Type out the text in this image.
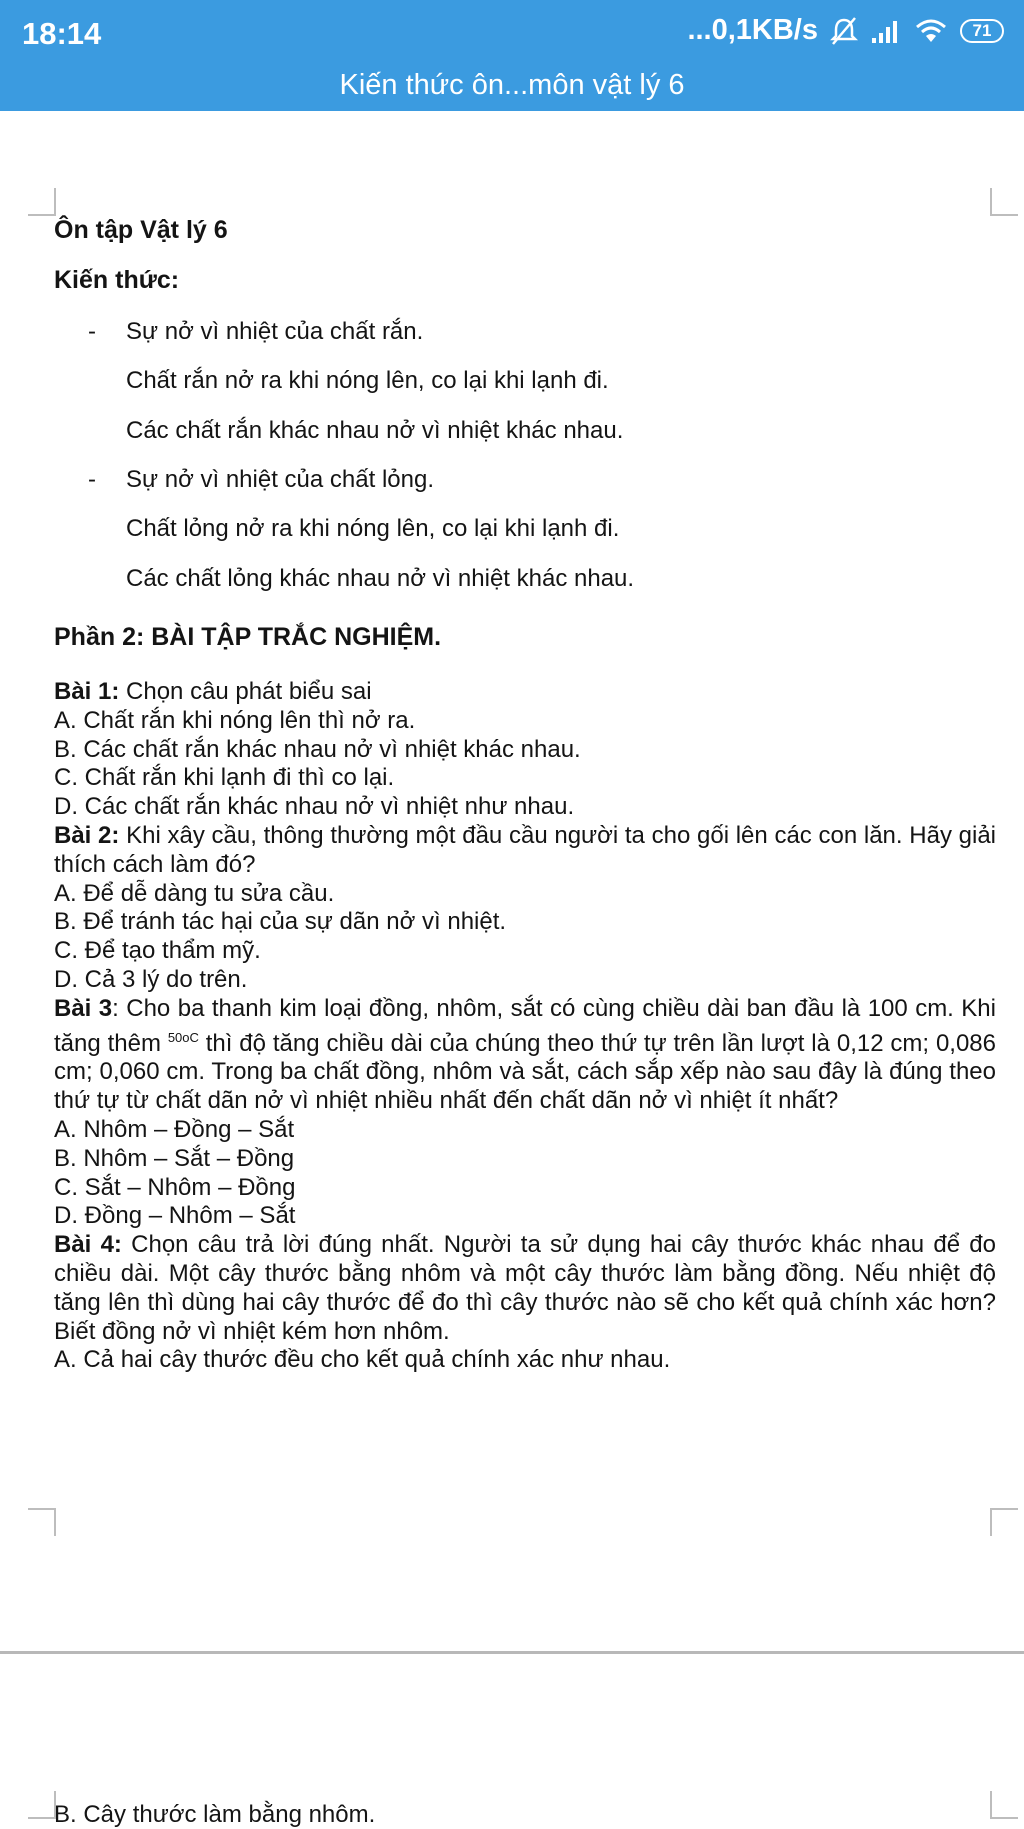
18:14	...0,1KB/s	71
Kiến thức ôn...môn vật lý 6
Ôn tập Vật lý 6
Kiến thức:
- Sự nở vì nhiệt của chất rắn.
Chất rắn nở ra khi nóng lên, co lại khi lạnh đi.
Các chất rắn khác nhau nở vì nhiệt khác nhau.
- Sự nở vì nhiệt của chất lỏng.
Chất lỏng nở ra khi nóng lên, co lại khi lạnh đi.
Các chất lỏng khác nhau nở vì nhiệt khác nhau.
Phần 2: BÀI TẬP TRẮC NGHIỆM.
Bài 1: Chọn câu phát biểu sai
A. Chất rắn khi nóng lên thì nở ra.
B. Các chất rắn khác nhau nở vì nhiệt khác nhau.
C. Chất rắn khi lạnh đi thì co lại.
D. Các chất rắn khác nhau nở vì nhiệt như nhau.
Bài 2: Khi xây cầu, thông thường một đầu cầu người ta cho gối lên các con lăn. Hãy giải thích cách làm đó?
A. Để dễ dàng tu sửa cầu.
B. Để tránh tác hại của sự dãn nở vì nhiệt.
C. Để tạo thẩm mỹ.
D. Cả 3 lý do trên.
Bài 3: Cho ba thanh kim loại đồng, nhôm, sắt có cùng chiều dài ban đầu là 100 cm. Khi tăng thêm $^{50oC}$ thì độ tăng chiều dài của chúng theo thứ tự trên lần lượt là 0,12 cm; 0,086 cm; 0,060 cm. Trong ba chất đồng, nhôm và sắt, cách sắp xếp nào sau đây là đúng theo thứ tự từ chất dãn nở vì nhiệt nhiều nhất đến chất dãn nở vì nhiệt ít nhất?
A. Nhôm – Đồng – Sắt
B. Nhôm – Sắt – Đồng
C. Sắt – Nhôm – Đồng
D. Đồng – Nhôm – Sắt
Bài 4: Chọn câu trả lời đúng nhất. Người ta sử dụng hai cây thước khác nhau để đo chiều dài. Một cây thước bằng nhôm và một cây thước làm bằng đồng. Nếu nhiệt độ tăng lên thì dùng hai cây thước để đo thì cây thước nào sẽ cho kết quả chính xác hơn? Biết đồng nở vì nhiệt kém hơn nhôm.
A. Cả hai cây thước đều cho kết quả chính xác như nhau.
B. Cây thước làm bằng nhôm.
